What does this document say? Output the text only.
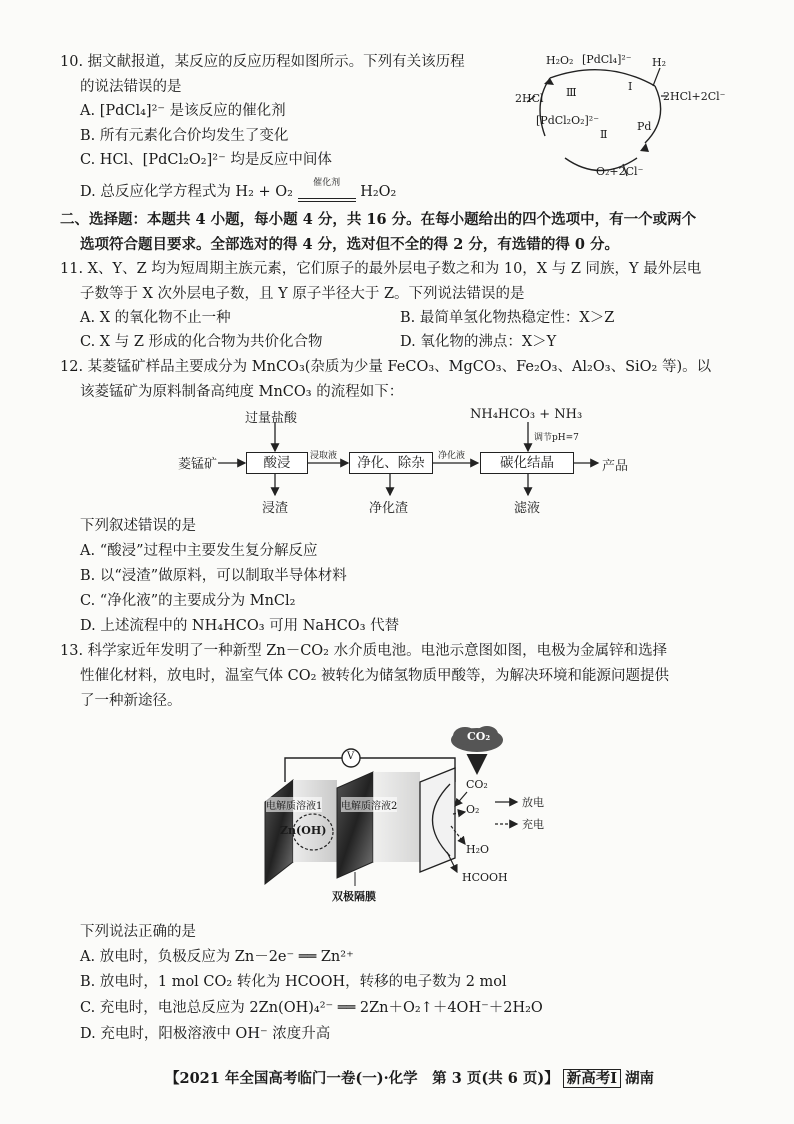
10. 据文献报道，某反应的反应历程如图所示。下列有关该历程
的说法错误的是
A. [PdCl₄]²⁻ 是该反应的催化剂
B. 所有元素化合价均发生了变化
C. HCl、[PdCl₂O₂]²⁻ 均是反应中间体
D. 总反应化学方程式为 H₂ + O₂
催化剂
H₂O₂
H₂O₂ [PdCl₄]²⁻ H₂
2HCl	2HCl+2Cl⁻
[PdCl₂O₂]²⁻	Pd
O₂+2Cl⁻
Ⅰ
Ⅱ
Ⅲ
二、选择题：本题共 4 小题，每小题 4 分，共 16 分。在每小题给出的四个选项中，有一个或两个
选项符合题目要求。全部选对的得 4 分，选对但不全的得 2 分，有选错的得 0 分。
11. X、Y、Z 均为短周期主族元素，它们原子的最外层电子数之和为 10，X 与 Z 同族，Y 最外层电
子数等于 X 次外层电子数，且 Y 原子半径大于 Z。下列说法错误的是
A. X 的氧化物不止一种	B. 最简单氢化物热稳定性：X＞Z
C. X 与 Z 形成的化合物为共价化合物	D. 氧化物的沸点：X＞Y
12. 某菱锰矿样品主要成分为 MnCO₃(杂质为少量 FeCO₃、MgCO₃、Fe₂O₃、Al₂O₃、SiO₂ 等)。以
该菱锰矿为原料制备高纯度 MnCO₃ 的流程如下：
过量盐酸	NH₄HCO₃ + NH₃
调节pH=7
菱锰矿	酸浸	浸取液	净化、除杂	净化液	碳化结晶	产品
浸渣	净化渣	滤液
下列叙述错误的是
A. “酸浸”过程中主要发生复分解反应
B. 以“浸渣”做原料，可以制取半导体材料
C. “净化液”的主要成分为 MnCl₂
D. 上述流程中的 NH₄HCO₃ 可用 NaHCO₃ 代替
13. 科学家近年发明了一种新型 Zn－CO₂ 水介质电池。电池示意图如图，电极为金属锌和选择
性催化材料，放电时，温室气体 CO₂ 被转化为储氢物质甲酸等，为解决环境和能源问题提供
了一种新途径。
CO₂
V
电解质溶液1 电解质溶液2
Zn(OH)
CO₂
O₂
H₂O
HCOOH
放电
充电
双极隔膜
下列说法正确的是
A. 放电时，负极反应为 Zn－2e⁻ ══ Zn²⁺
B. 放电时，1 mol CO₂ 转化为 HCOOH，转移的电子数为 2 mol
C. 充电时，电池总反应为 2Zn(OH)₄²⁻ ══ 2Zn＋O₂↑＋4OH⁻＋2H₂O
D. 充电时，阳极溶液中 OH⁻ 浓度升高
【2021 年全国高考临门一卷(一)·化学　第 3 页(共 6 页)】 新高考Ⅰ 湖南
